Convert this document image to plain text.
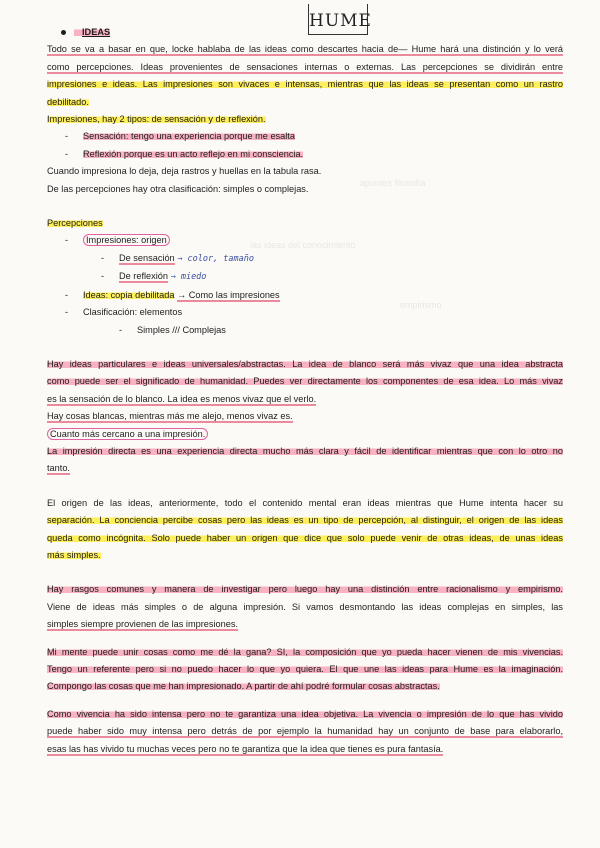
apuntes filosofía
las ideas del conocimiento
empirismo
HUME
IDEAS
Todo se va a basar en que, locke hablaba de las ideas como descartes hacia de— Hume hará una distinción y lo verá
como percepciones. Ideas provenientes de sensaciones internas o externas. Las percepciones se dividirán entre
impresiones e ideas. Las impresiones son vivaces e intensas, mientras que las ideas se presentan como un rastro
debilitado.
Impresiones, hay 2 tipos: de sensación y de reflexión.
- Sensación: tengo una experiencia porque me esalta
- Reflexión porque es un acto reflejo en mi consciencia.
Cuando impresiona lo deja, deja rastros y huellas en la tabula rasa.
De las percepciones hay otra clasificación: simples o complejas.
Percepciones
- Impresiones: origen
- De sensación → color, tamaño
- De reflexión → miedo
- Ideas: copia debilitada → Como las impresiones
- Clasificación: elementos
- Simples /// Complejas
Hay ideas particulares e ideas universales/abstractas. La idea de blanco será más vivaz que una idea abstracta
como puede ser el significado de humanidad. Puedes ver directamente los componentes de esa idea. Lo más vivaz
es la sensación de lo blanco. La idea es menos vivaz que el verlo.
Hay cosas blancas, mientras más me alejo, menos vivaz es.
Cuanto más cercano a una impresión.
La impresión directa es una experiencia directa mucho más clara y fácil de identificar mientras que con lo otro no
tanto.
El origen de las ideas, anteriormente, todo el contenido mental eran ideas mientras que Hume intenta hacer su
separación. La conciencia percibe cosas pero las ideas es un tipo de percepción, al distinguir, el origen de las ideas
queda como incógnita. Solo puede haber un origen que dice que solo puede venir de otras ideas, de unas ideas
más simples.
Hay rasgos comunes y manera de investigar pero luego hay una distinción entre racionalismo y empirismo.
Viene de ideas más simples o de alguna impresión. Si vamos desmontando las ideas complejas en simples, las
simples siempre provienen de las impresiones.
Mi mente puede unir cosas como me dé la gana? SI, la composición que yo pueda hacer vienen de mis vivencias.
Tengo un referente pero si no puedo hacer lo que yo quiera. El que une las ideas para Hume es la imaginación.
Compongo las cosas que me han impresionado. A partir de ahí podré formular cosas abstractas.
Como vivencia ha sido intensa pero no te garantiza una idea objetiva. La vivencia o impresión de lo que has vivido
puede haber sido muy intensa pero detrás de por ejemplo la humanidad hay un conjunto de base para elaborarlo,
esas las has vivido tu muchas veces pero no te garantiza que la idea que tienes es pura fantasía.
